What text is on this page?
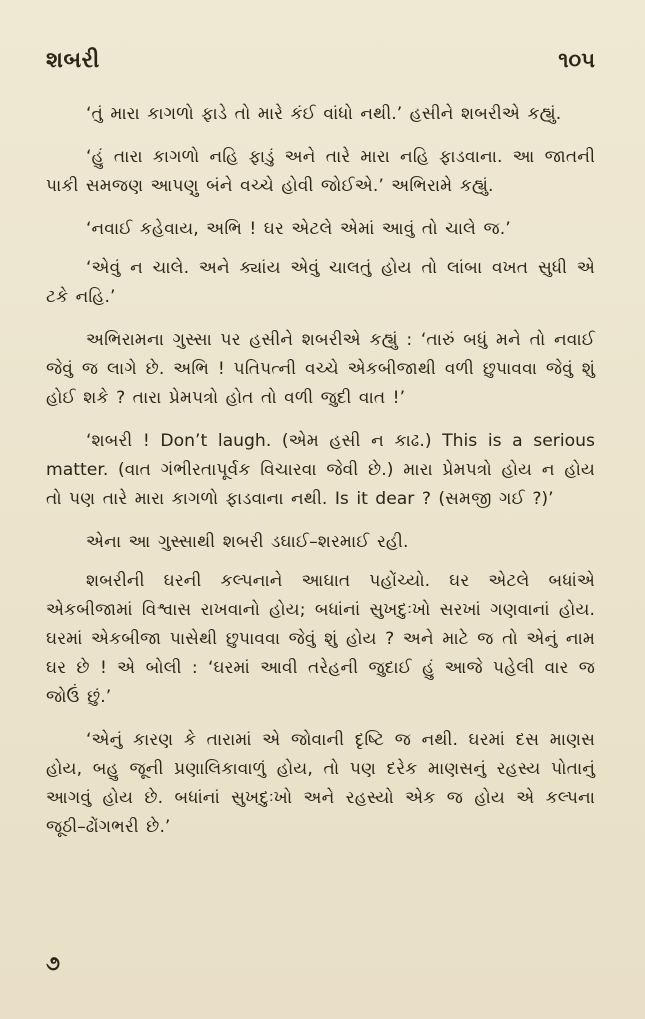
શબરી	૧૦૫

‘તું મારા કાગળો ફાડે તો મારે કંઈ વાંધો નથી.’ હસીને શબરીએ કહ્યું.

‘હું તારા કાગળો નહિ ફાડું અને તારે મારા નહિ ફાડવાના. આ જાતની પાકી સમજણ આપણુ બંને વચ્ચે હોવી જોઈએ.’ અભિરામે કહ્યું.

‘નવાઈ કહેવાય, અભિ ! ઘર એટલે એમાં આવું તો ચાલે જ.’

‘એવું ન ચાલે. અને ક્યાંય એવું ચાલતું હોય તો લાંબા વખત સુધી એ ટકે નહિ.’

અભિરામના ગુસ્સા પર હસીને શબરીએ કહ્યું : ‘તારું બધું મને તો નવાઈ જેવું જ લાગે છે. અભિ ! પતિપત્ની વચ્ચે એકબીજાથી વળી છુપાવવા જેવું શું હોઈ શકે ? તારા પ્રેમપત્રો હોત તો વળી જુદી વાત !’

‘શબરી ! Don’t laugh. (એમ હસી ન કાઢ.) This is a serious matter. (વાત ગંભીરતાપૂર્વક વિચારવા જેવી છે.) મારા પ્રેમપત્રો હોય ન હોય તો પણ તારે મારા કાગળો ફાડવાના નથી. Is it dear ? (સમજી ગઈ ?)’

એના આ ગુસ્સાથી શબરી ડઘાઈ–શરમાઈ રહી.

શબરીની ઘરની કલ્પનાને આઘાત પહોંચ્યો. ઘર એટલે બધાંએ એકબીજામાં વિશ્વાસ રાખવાનો હોય; બધાંનાં સુખદુઃખો સરખાં ગણવાનાં હોય. ઘરમાં એકબીજા પાસેથી છુપાવવા જેવું શું હોય ? અને માટે જ તો એનું નામ ઘર છે ! એ બોલી : ‘ઘરમાં આવી તરેહની જુદાઈ હું આજે પહેલી વાર જ જોઉં છું.’

‘એનું કારણ કે તારામાં એ જોવાની દૃષ્ટિ જ નથી. ઘરમાં દસ માણસ હોય, બહુ જૂની પ્રણાલિકાવાળું હોય, તો પણ દરેક માણસનું રહસ્ય પોતાનું આગવું હોય છે. બધાંનાં સુખદુઃખો અને રહસ્યો એક જ હોય એ કલ્પના જૂઠી–ઢોંગભરી છે.’

૭
